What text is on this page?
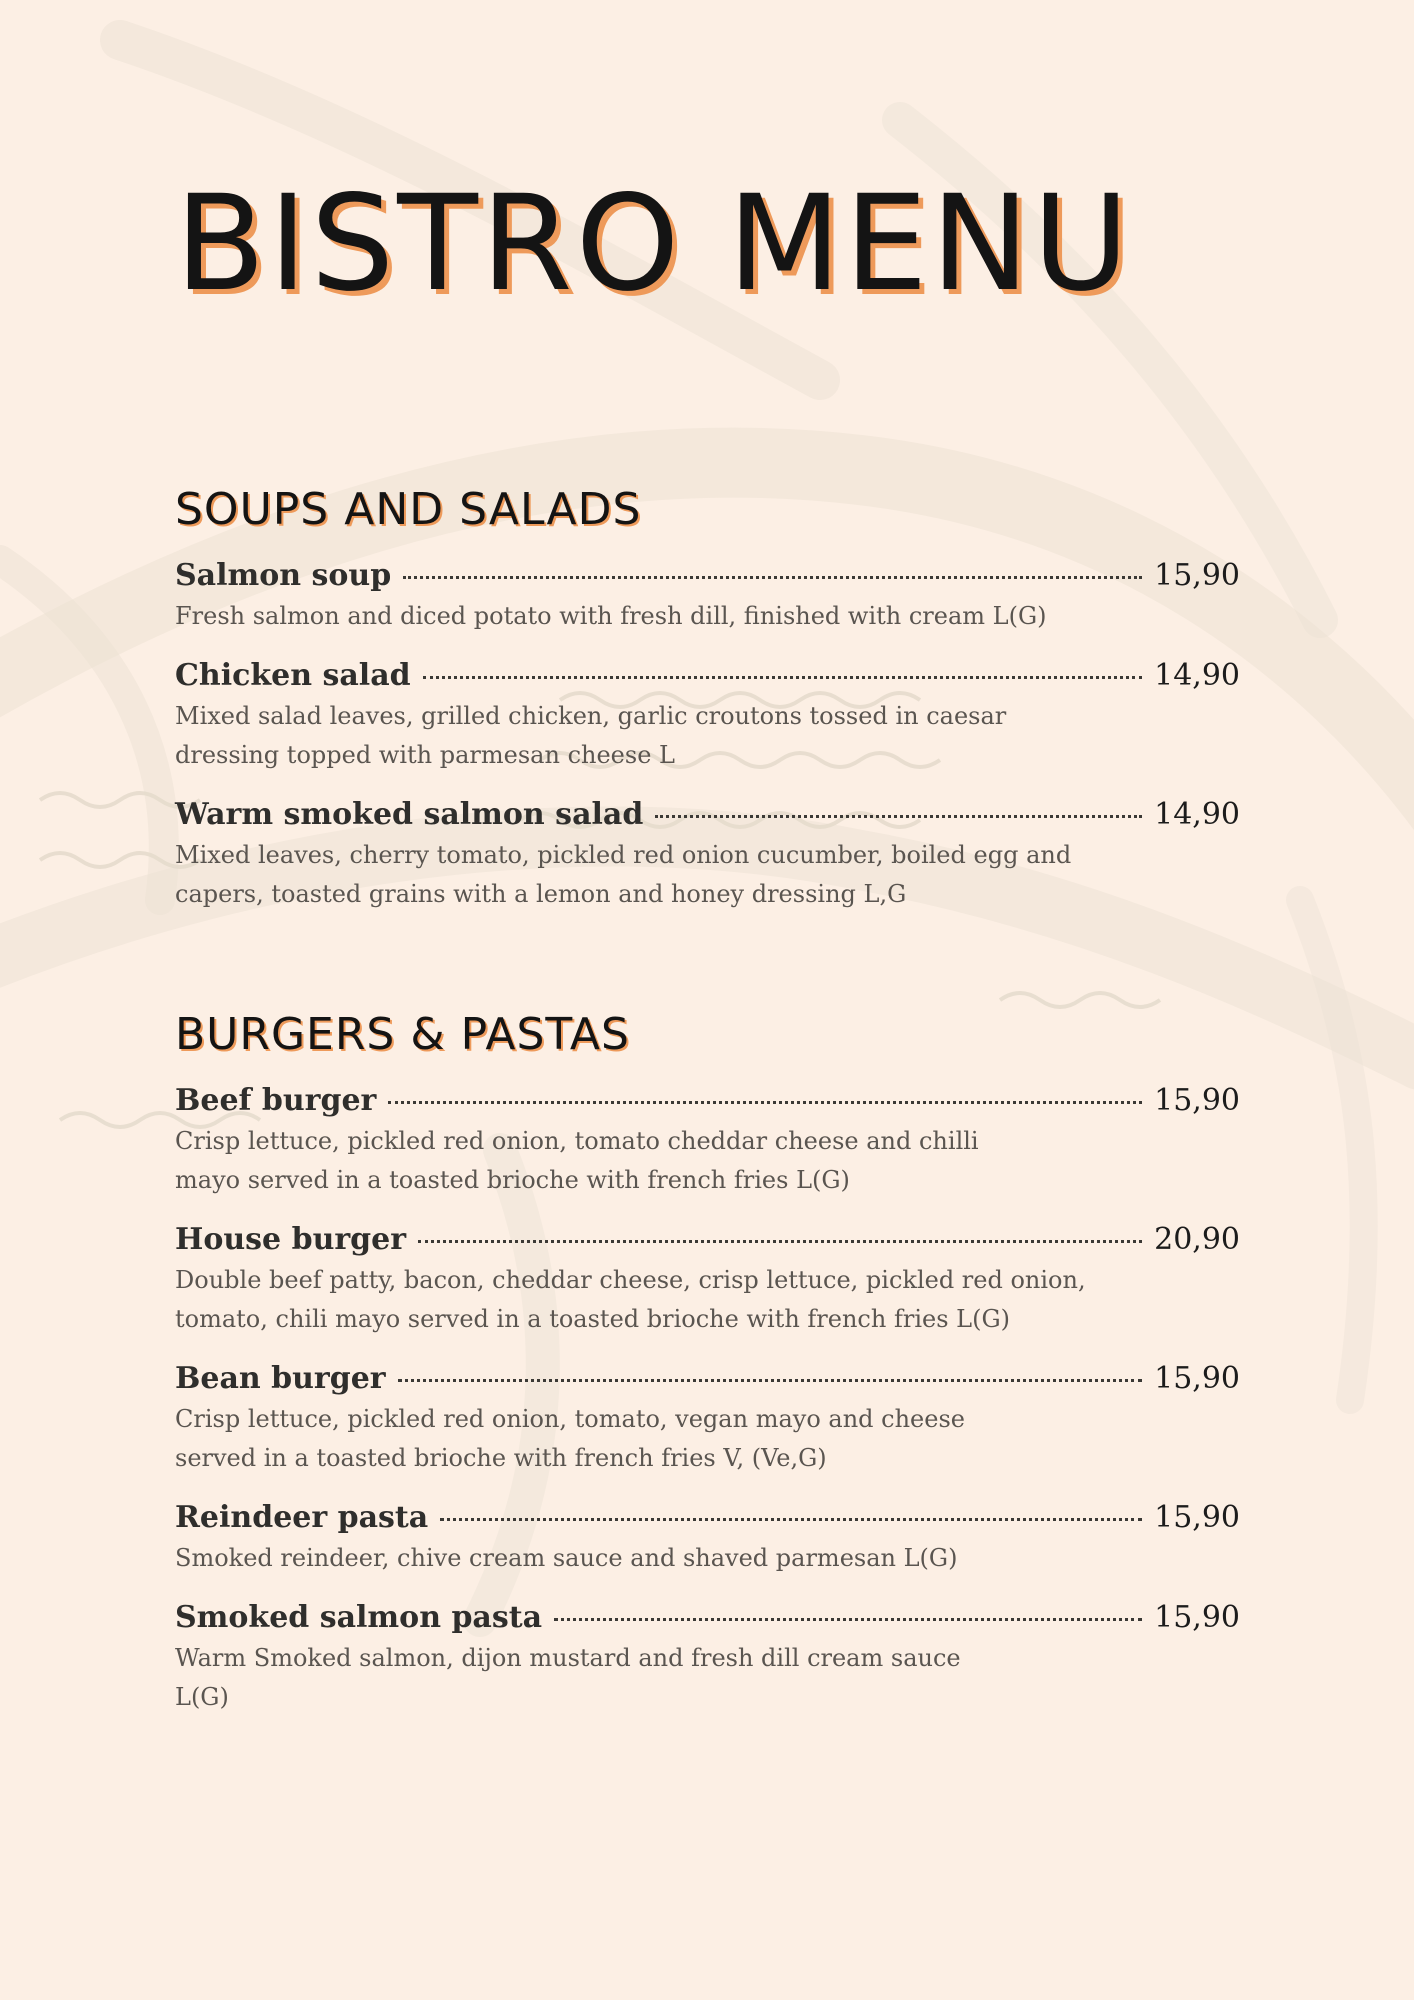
BISTRO MENU
SOUPS AND SALADS
Salmon soup	15,90

Fresh salmon and diced potato with fresh dill, finished with cream L(G)

Chicken salad	14,90

Mixed salad leaves, grilled chicken, garlic croutons tossed in caesar dressing topped with parmesan cheese L

Warm smoked salmon salad	14,90

Mixed leaves, cherry tomato, pickled red onion cucumber, boiled egg and capers, toasted grains with a lemon and honey dressing L,G

BURGERS & PASTAS
Beef burger	15,90

Crisp lettuce, pickled red onion, tomato cheddar cheese and chilli mayo served in a toasted brioche with french fries L(G)

House burger	20,90

Double beef patty, bacon, cheddar cheese, crisp lettuce, pickled red onion, tomato, chili mayo served in a toasted brioche with french fries L(G)

Bean burger	15,90

Crisp lettuce, pickled red onion, tomato, vegan mayo and cheese served in a toasted brioche with french fries V, (Ve,G)

Reindeer pasta	15,90

Smoked reindeer, chive cream sauce and shaved parmesan L(G)

Smoked salmon pasta	15,90

Warm Smoked salmon, dijon mustard and fresh dill cream sauce L(G)
